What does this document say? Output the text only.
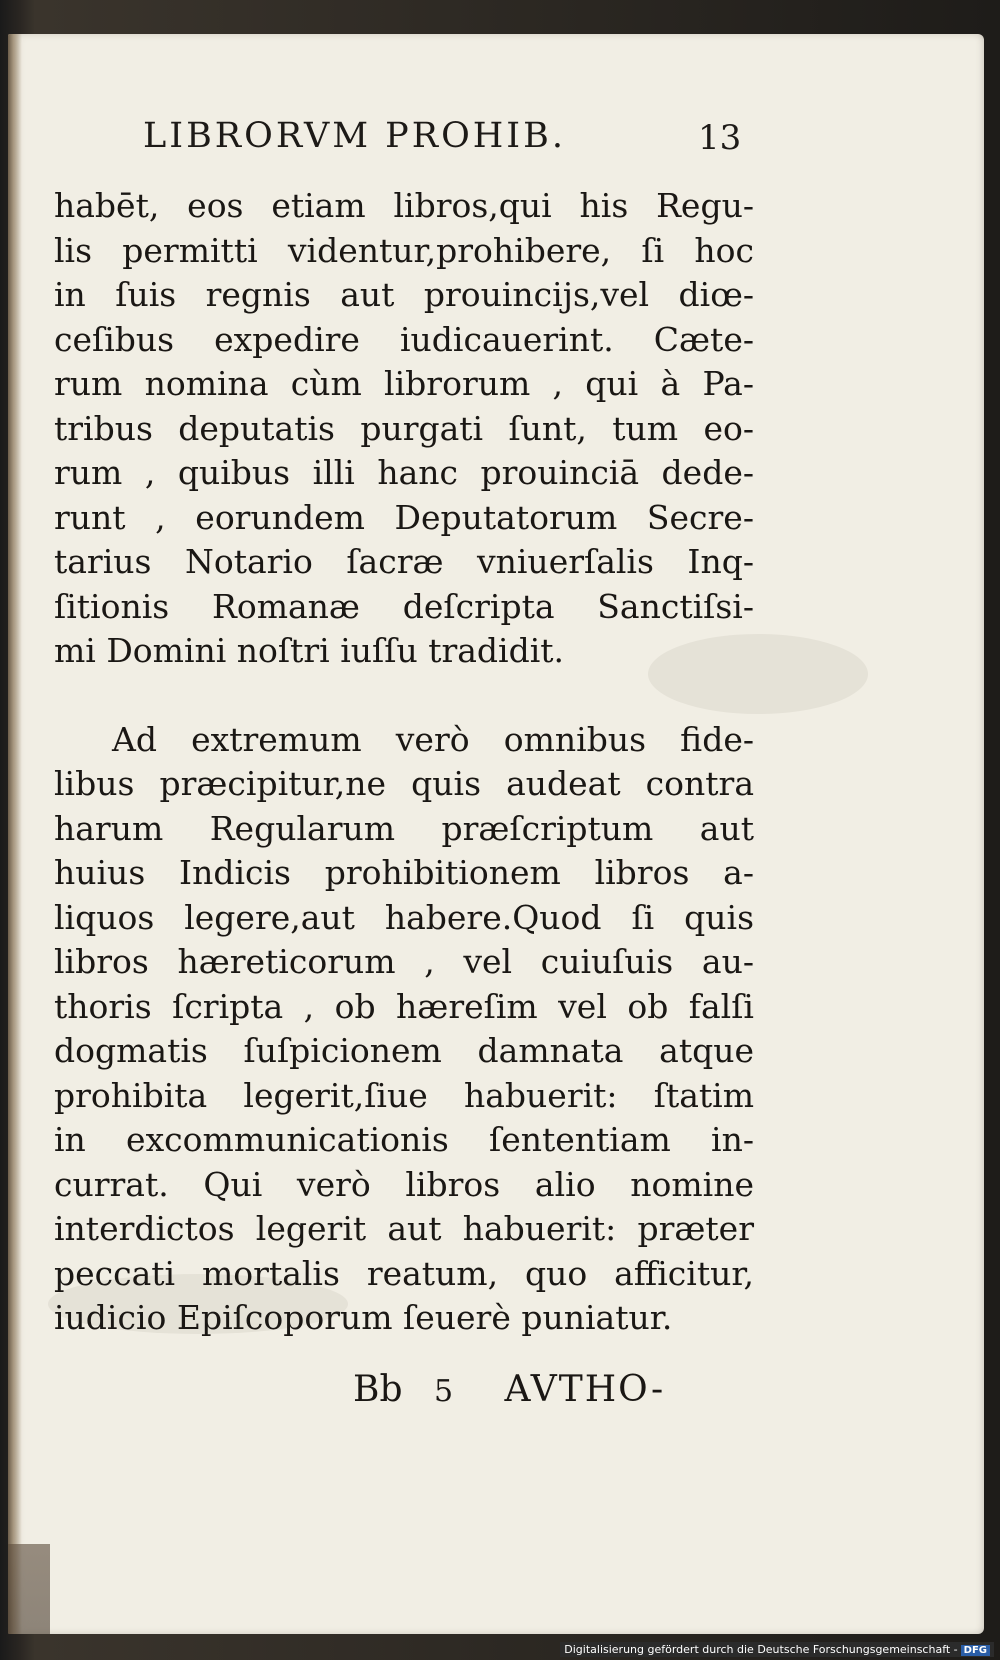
LIBRORVM PROHIB.	13
habēt, eos etiam libros,qui his Regu-
lis permitti videntur,prohibere, ſi hoc
in ſuis regnis aut prouincijs,vel diœ-
ceſibus expedire iudicauerint. Cæte-
rum nomina cùm librorum , qui à Pa-
tribus deputatis purgati ſunt, tum eo-
rum , quibus illi hanc prouinciā dede-
runt , eorundem Deputatorum Secre-
tarius Notario ſacræ vniuerſalis Inq-
ſitionis Romanæ deſcripta Sanctiſsi-
mi Domini noſtri iuſſu tradidit.
Ad extremum verò omnibus fide-
libus præcipitur,ne quis audeat contra
harum Regularum præſcriptum aut
huius Indicis prohibitionem libros a-
liquos legere,aut habere.Quod ſi quis
libros hæreticorum , vel cuiuſuis au-
thoris ſcripta , ob hæreſim vel ob falſi
dogmatis ſuſpicionem damnata atque
prohibita legerit,ſiue habuerit: ſtatim
in excommunicationis ſententiam in-
currat. Qui verò libros alio nomine
interdictos legerit aut habuerit: præter
peccati mortalis reatum, quo afficitur,
iudicio Epiſcoporum ſeuerè puniatur.
Bb 5 AVTHO-
Digitalisierung gefördert durch die Deutsche Forschungsgemeinschaft - DFG
